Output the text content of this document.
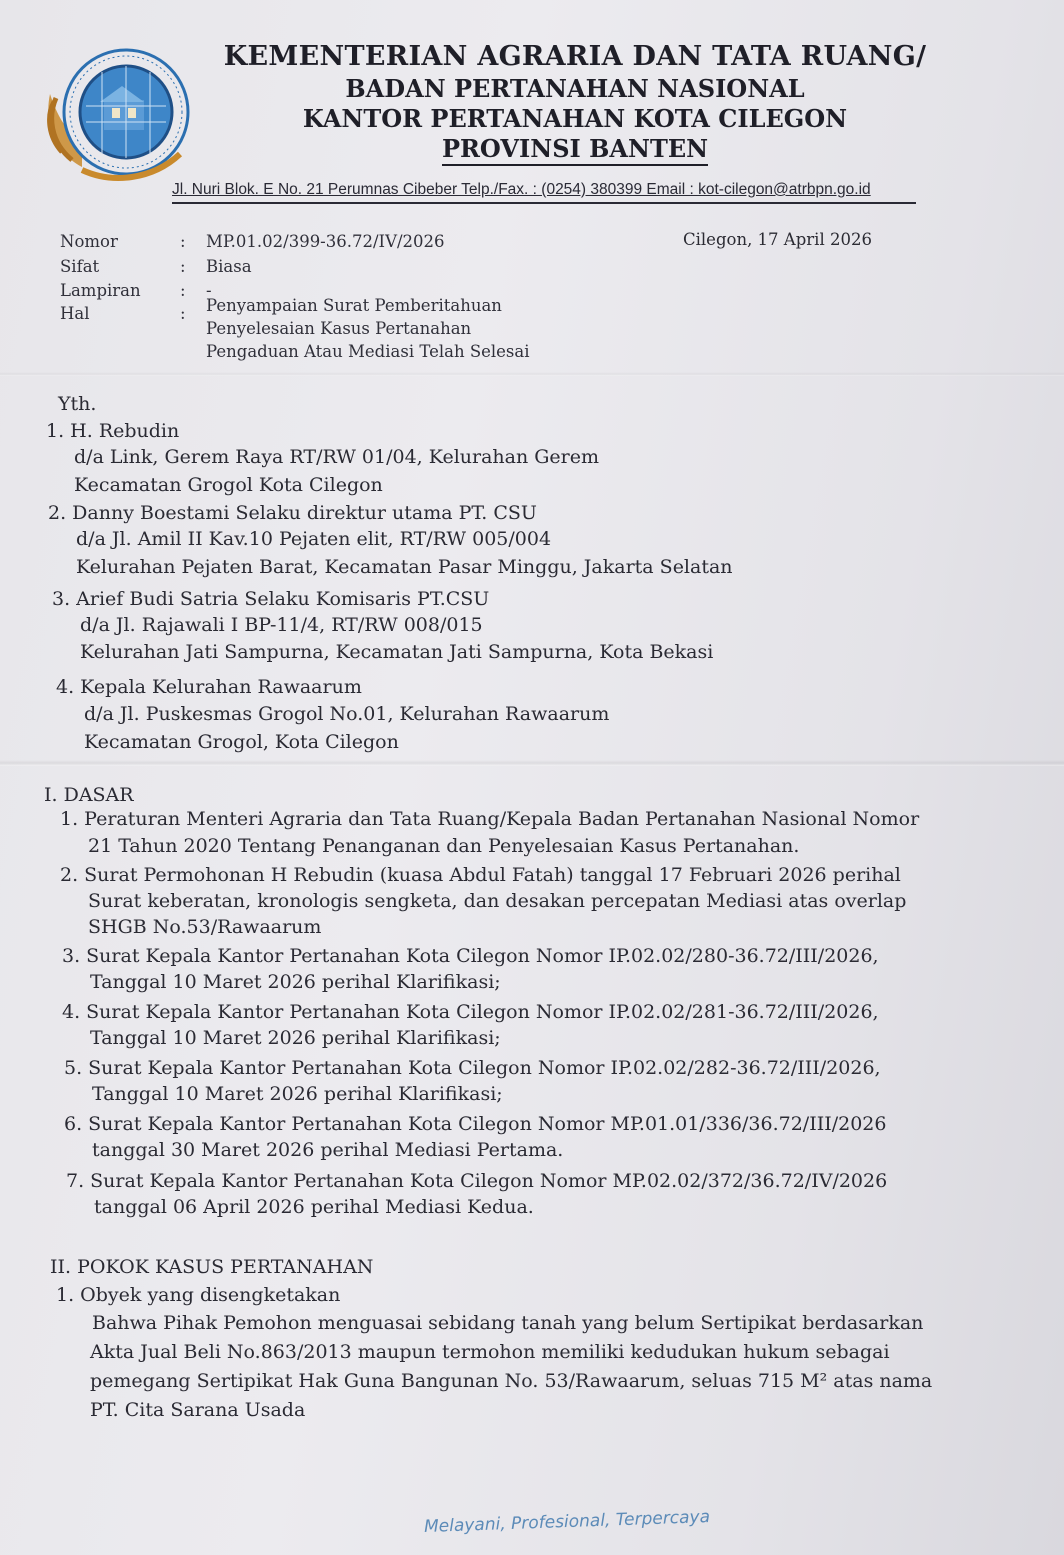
KEMENTERIAN AGRARIA DAN TATA RUANG/
BADAN PERTANAHAN NASIONAL
KANTOR PERTANAHAN KOTA CILEGON
PROVINSI BANTEN
Jl. Nuri Blok. E No. 21 Perumnas Cibeber Telp./Fax. : (0254) 380399 Email : kot-cilegon@atrbpn.go.id
Nomor	: MP.01.02/399-36.72/IV/2026	Cilegon, 17 April 2026
Sifat	: Biasa
Lampiran : -
Hal	: Penyampaian Surat Pemberitahuan
Penyelesaian Kasus Pertanahan
Pengaduan Atau Mediasi Telah Selesai
Yth.
1. H. Rebudin
d/a Link, Gerem Raya RT/RW 01/04, Kelurahan Gerem
Kecamatan Grogol Kota Cilegon
2. Danny Boestami Selaku direktur utama PT. CSU
d/a Jl. Amil II Kav.10 Pejaten elit, RT/RW 005/004
Kelurahan Pejaten Barat, Kecamatan Pasar Minggu, Jakarta Selatan
3. Arief Budi Satria Selaku Komisaris PT.CSU
d/a Jl. Rajawali I BP-11/4, RT/RW 008/015
Kelurahan Jati Sampurna, Kecamatan Jati Sampurna, Kota Bekasi
4. Kepala Kelurahan Rawaarum
d/a Jl. Puskesmas Grogol No.01, Kelurahan Rawaarum
Kecamatan Grogol, Kota Cilegon
I. DASAR
1. Peraturan Menteri Agraria dan Tata Ruang/Kepala Badan Pertanahan Nasional Nomor
21 Tahun 2020 Tentang Penanganan dan Penyelesaian Kasus Pertanahan.
2. Surat Permohonan H Rebudin (kuasa Abdul Fatah) tanggal 17 Februari 2026 perihal
Surat keberatan, kronologis sengketa, dan desakan percepatan Mediasi atas overlap
SHGB No.53/Rawaarum
3. Surat Kepala Kantor Pertanahan Kota Cilegon Nomor IP.02.02/280-36.72/III/2026,
Tanggal 10 Maret 2026 perihal Klarifikasi;
4. Surat Kepala Kantor Pertanahan Kota Cilegon Nomor IP.02.02/281-36.72/III/2026,
Tanggal 10 Maret 2026 perihal Klarifikasi;
5. Surat Kepala Kantor Pertanahan Kota Cilegon Nomor IP.02.02/282-36.72/III/2026,
Tanggal 10 Maret 2026 perihal Klarifikasi;
6. Surat Kepala Kantor Pertanahan Kota Cilegon Nomor MP.01.01/336/36.72/III/2026
tanggal 30 Maret 2026 perihal Mediasi Pertama.
7. Surat Kepala Kantor Pertanahan Kota Cilegon Nomor MP.02.02/372/36.72/IV/2026
tanggal 06 April 2026 perihal Mediasi Kedua.
II. POKOK KASUS PERTANAHAN
1. Obyek yang disengketakan
Bahwa Pihak Pemohon menguasai sebidang tanah yang belum Sertipikat berdasarkan
Akta Jual Beli No.863/2013 maupun termohon memiliki kedudukan hukum sebagai
pemegang Sertipikat Hak Guna Bangunan No. 53/Rawaarum, seluas 715 M² atas nama
PT. Cita Sarana Usada
Melayani, Profesional, Terpercaya
